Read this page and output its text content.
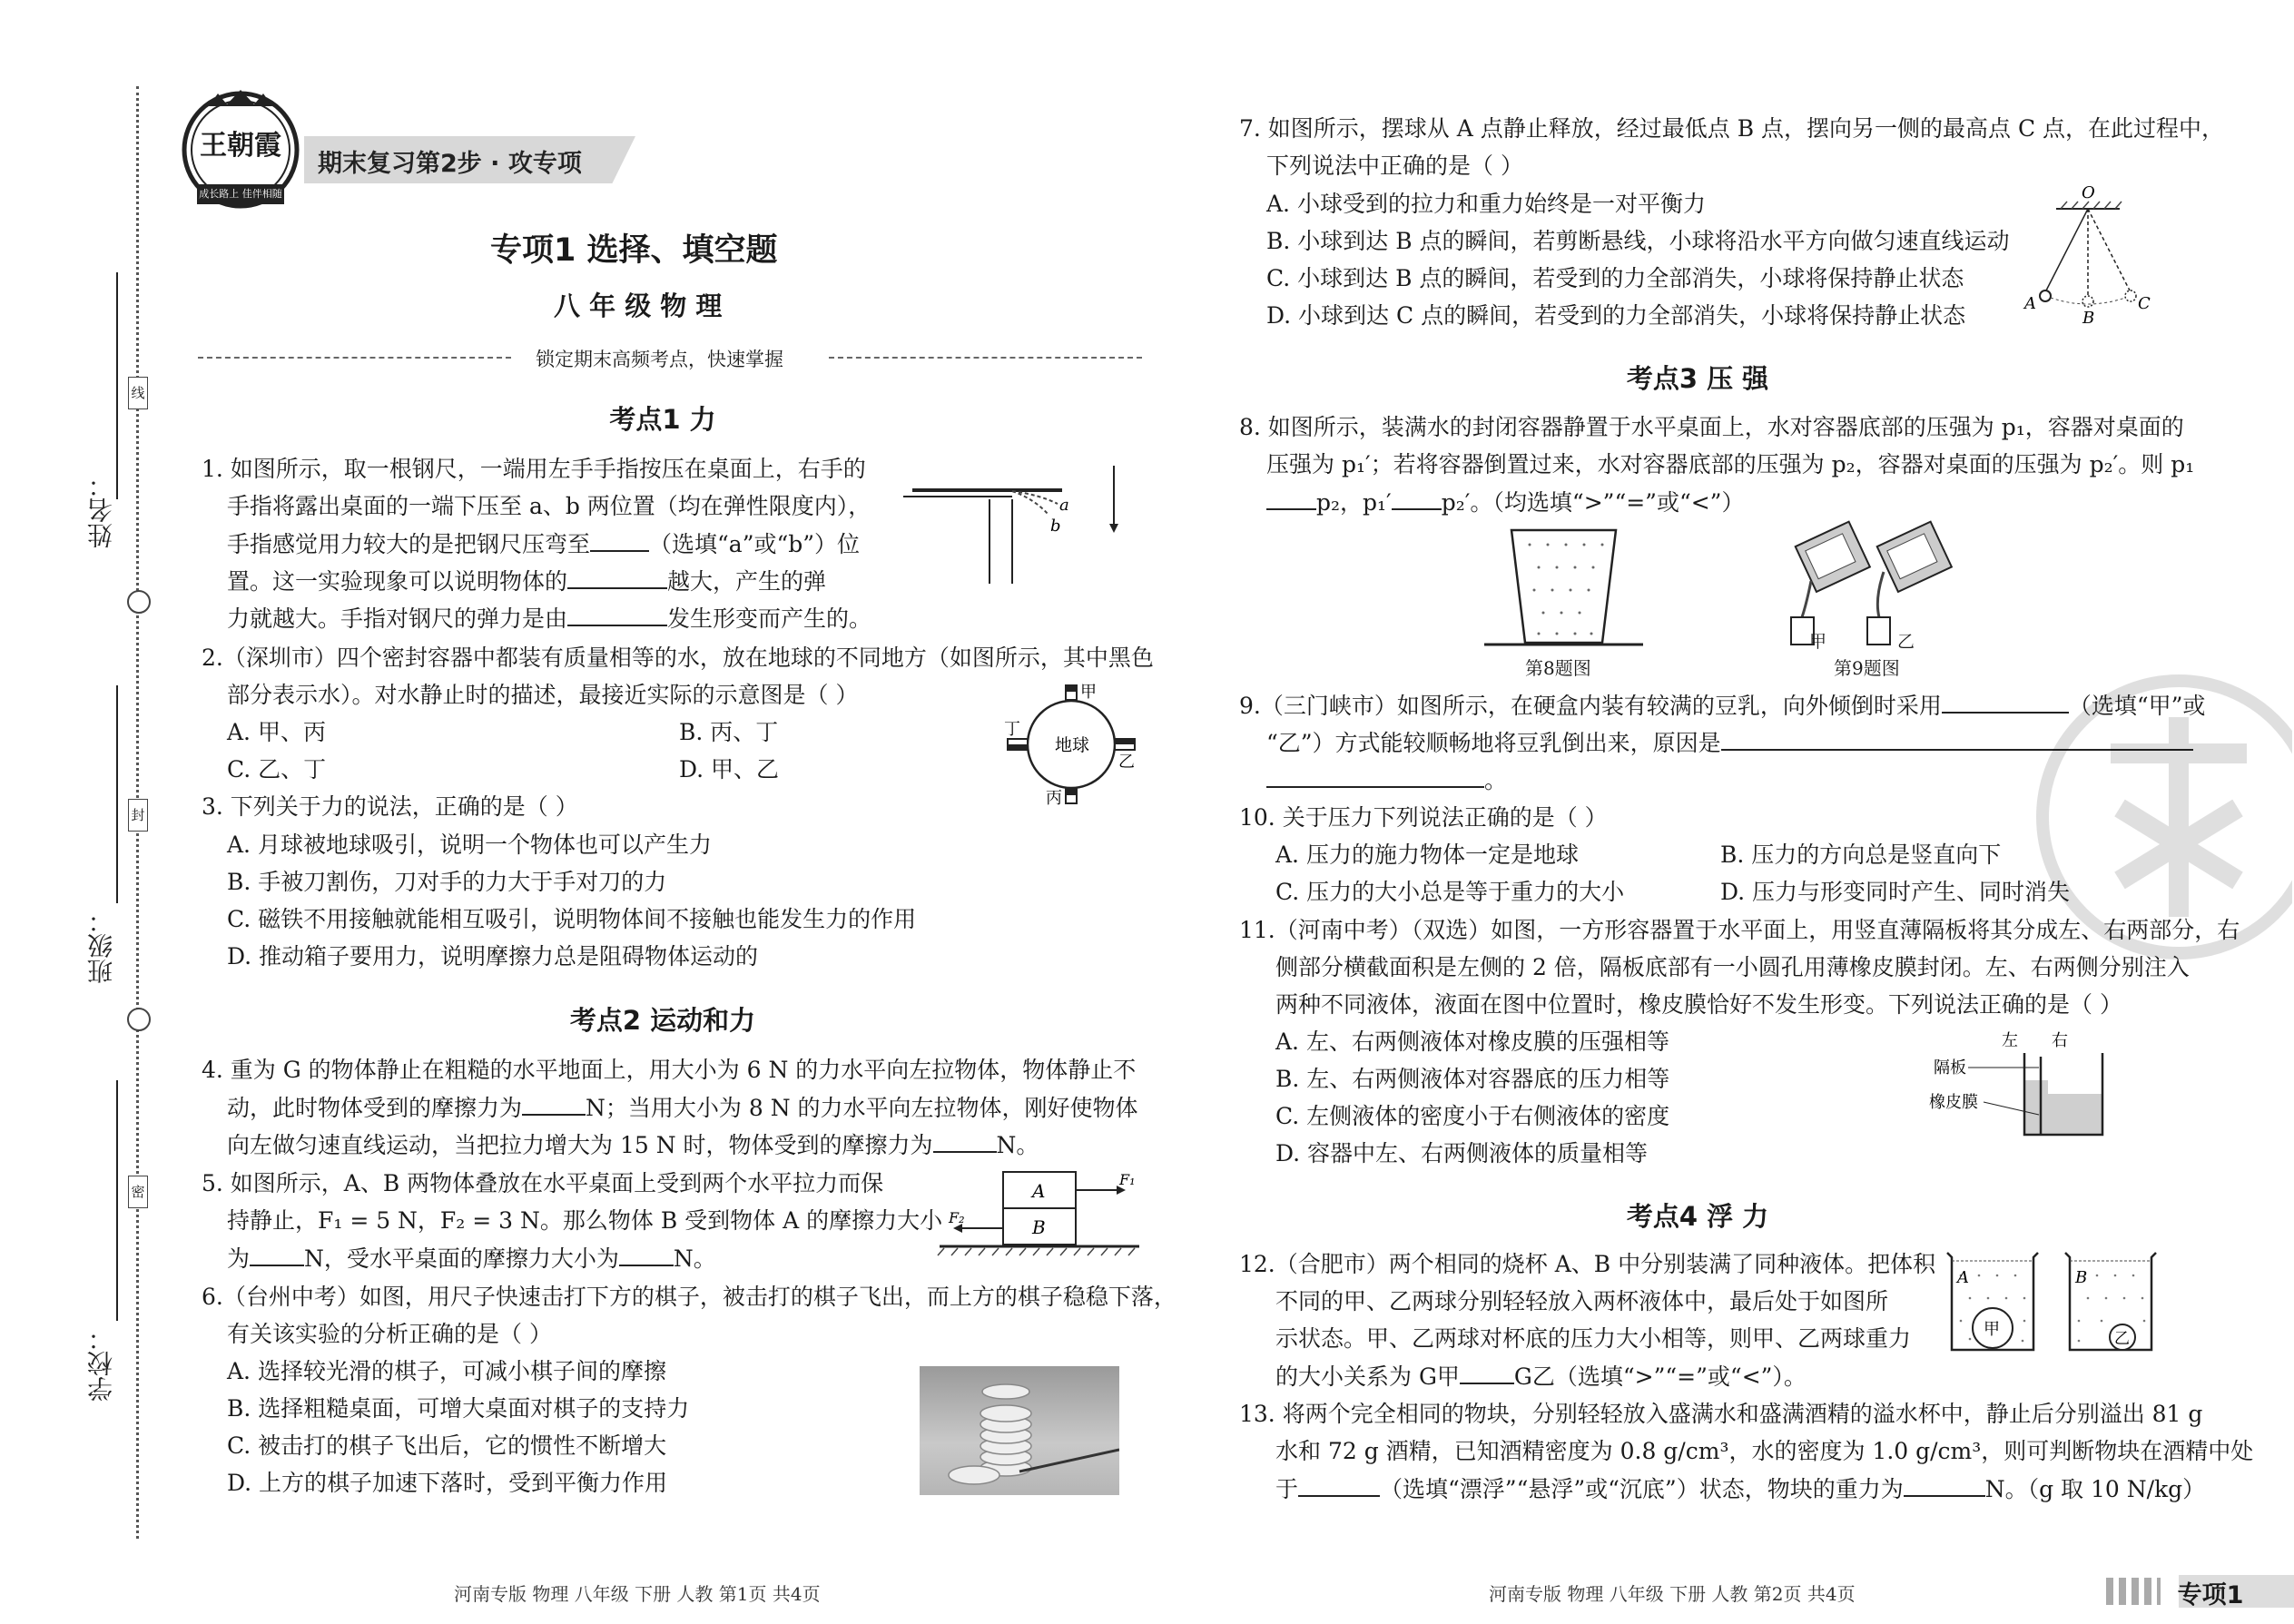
姓名：
班级：
学校：
线
封
密
王朝霞
成长路上 佳伴相随
期末复习第2步 · 攻专项
专项1 选择、填空题
八 年 级 物 理
锁定期末高频考点，快速掌握
考点1 力
1. 如图所示，取一根钢尺，一端用左手手指按压在桌面上，右手的
手指将露出桌面的一端下压至 a、b 两位置（均在弹性限度内），
手指感觉用力较大的是把钢尺压弯至	（选填“a”或“b”）位
置。这一实验现象可以说明物体的	越大，产生的弹
力就越大。手指对钢尺的弹力是由	发生形变而产生的。
a
b
2.（深圳市）四个密封容器中都装有质量相等的水，放在地球的不同地方（如图所示，其中黑色
部分表示水）。对水静止时的描述，最接近实际的示意图是（ ）
A. 甲、丙	B. 丙、丁
C. 乙、丁	D. 甲、乙
地球
甲
乙
丙
丁
3. 下列关于力的说法，正确的是（ ）
A. 月球被地球吸引，说明一个物体也可以产生力
B. 手被刀割伤，刀对手的力大于手对刀的力
C. 磁铁不用接触就能相互吸引，说明物体间不接触也能发生力的作用
D. 推动箱子要用力，说明摩擦力总是阻碍物体运动的
考点2 运动和力
4. 重为 G 的物体静止在粗糙的水平地面上，用大小为 6 N 的力水平向左拉物体，物体静止不
动，此时物体受到的摩擦力为	N；当用大小为 8 N 的力水平向左拉物体，刚好使物体
向左做匀速直线运动，当把拉力增大为 15 N 时，物体受到的摩擦力为	N。
5. 如图所示，A、B 两物体叠放在水平桌面上受到两个水平拉力而保
持静止，F₁ = 5 N，F₂ = 3 N。那么物体 B 受到物体 A 的摩擦力大小
为 N，受水平桌面的摩擦力大小为 N。
A
B
F₁
F₂
6.（台州中考）如图，用尺子快速击打下方的棋子，被击打的棋子飞出，而上方的棋子稳稳下落，
有关该实验的分析正确的是（ ）
A. 选择较光滑的棋子，可减小棋子间的摩擦
B. 选择粗糙桌面，可增大桌面对棋子的支持力
C. 被击打的棋子飞出后，它的惯性不断增大
D. 上方的棋子加速下落时，受到平衡力作用
河南专版 物理 八年级 下册 人教 第1页 共4页
7. 如图所示，摆球从 A 点静止释放，经过最低点 B 点，摆向另一侧的最高点 C 点，在此过程中，
下列说法中正确的是（ ）
A. 小球受到的拉力和重力始终是一对平衡力
B. 小球到达 B 点的瞬间，若剪断悬线，小球将沿水平方向做匀速直线运动
C. 小球到达 B 点的瞬间，若受到的力全部消失，小球将保持静止状态
D. 小球到达 C 点的瞬间，若受到的力全部消失，小球将保持静止状态
O
A
B
C
考点3 压 强
8. 如图所示，装满水的封闭容器静置于水平桌面上，水对容器底部的压强为 p₁，容器对桌面的
压强为 p₁′；若将容器倒置过来，水对容器底部的压强为 p₂，容器对桌面的压强为 p₂′。则 p₁
p₂，p₁′ p₂′。（均选填“>”“=”或“<”）
第8题图
甲	乙
第9题图
9.（三门峡市）如图所示，在硬盒内装有较满的豆乳，向外倾倒时采用	（选填“甲”或
“乙”）方式能较顺畅地将豆乳倒出来，原因是
。
10. 关于压力下列说法正确的是（ ）
A. 压力的施力物体一定是地球	B. 压力的方向总是竖直向下
C. 压力的大小总是等于重力的大小	D. 压力与形变同时产生、同时消失
11.（河南中考）（双选）如图，一方形容器置于水平面上，用竖直薄隔板将其分成左、右两部分，右
侧部分横截面积是左侧的 2 倍，隔板底部有一小圆孔用薄橡皮膜封闭。左、右两侧分别注入
两种不同液体，液面在图中位置时，橡皮膜恰好不发生形变。下列说法正确的是（ ）
A. 左、右两侧液体对橡皮膜的压强相等
B. 左、右两侧液体对容器底的压力相等
C. 左侧液体的密度小于右侧液体的密度
D. 容器中左、右两侧液体的质量相等
左 右
隔板
橡皮膜
考点4 浮 力
12.（合肥市）两个相同的烧杯 A、B 中分别装满了同种液体。把体积
不同的甲、乙两球分别轻轻放入两杯液体中，最后处于如图所
示状态。甲、乙两球对杯底的压力大小相等，则甲、乙两球重力
的大小关系为 G甲 G乙（选填“>”“=”或“<”）。
甲	乙
A	B
13. 将两个完全相同的物块，分别轻轻放入盛满水和盛满酒精的溢水杯中，静止后分别溢出 81 g
水和 72 g 酒精，已知酒精密度为 0.8 g/cm³，水的密度为 1.0 g/cm³，则可判断物块在酒精中处
于	（选填“漂浮”“悬浮”或“沉底”）状态，物块的重力为	N。（g 取 10 N/kg）
河南专版 物理 八年级 下册 人教 第2页 共4页	专项1
